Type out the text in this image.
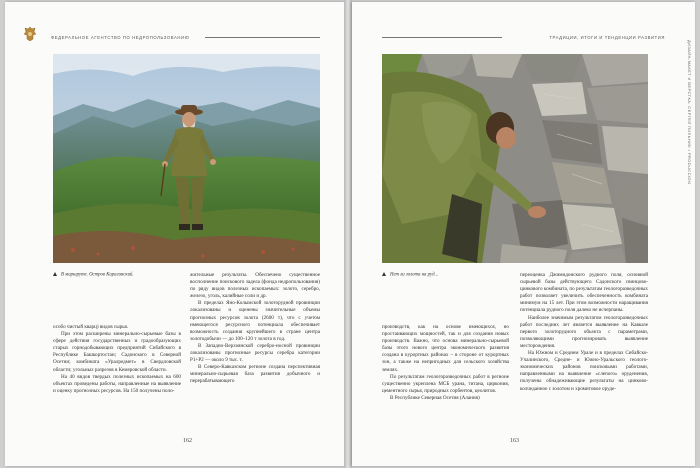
ФЕДЕРАЛЬНОЕ АГЕНТСТВО ПО НЕДРОПОЛЬЗОВАНИЮ
В маршруте. Остров Карагинский.

особо чистый кварц) видов сырья.

При этом расширены минерально-сырьевые базы в сфере действия государственных и градообразующих старых горнодобывающих предприятий Сибайского в Республике Башкортостан; Садонского в Северной Осетии; комбината «Уралредмет» в Свердловской области; угольных разрезов в Кемеровской области.

На 40 видов твердых полезных ископаемых на 600 объектах проведены работы, направленные на выявление и оценку прогнозных ресурсов. На 150 получены поло-

жительные результаты. Обеспечено существенное восполнение поискового задела (фонда недропользования) по ряду видов полезных ископаемых: золото, серебро, железо, уголь, калийные соли и др.

В пределах Яно-Колымской золоторудной провинции локализованы и оценены значительные объемы прогнозных ресурсов золота (2600 т), что с учетом имеющегося ресурсного потенциала обеспечивает возможность создания крупнейшего в стране центра золотодобычи — до 100–120 т золота в год.

В Западно-Верхоянской серебро-носной провинции локализованы прогнозные ресурсы серебра категории Р1+Р2 — около 9 тыс. т.

В Северо-Кавказском регионе создана перспективная минерально-сырьевая база развития добычного и перерабатывающего

162
ТРАДИЦИИ, ИТОГИ И ТЕНДЕНЦИИ РАЗВИТИЯ
ДИЗАЙН-МАКЕТ И ВЕРСТКА: СЕРГЕЙ ПИЛЬНИК • PRODUCCION
Нет ли золота на руд...

производств, как на основе имеющихся, но простаивающих мощностей, так и для создания новых производств. Важно, что основа минерально-сырьевой базы этого нового центра экономического развития создана в курортных районах – в стороне от курортных зон, а также на непригодных для сельского хозяйства землях.

По результатам геологоразведочных работ в регионе существенно укреплена МСБ урана, титана, циркония, цементного сырья, природных сорбентов, цеолитов.

В Республике Северная Осетия (Алания)

переоценка Джимидонского рудного поля, основной сырьевой базы действующего Садонского свинцово-цинкового комбината, по результатам геологоразведочных работ позволяет увеличить обеспеченность комбината минимум на 15 лет. При этом возможности наращивания потенциала рудного поля далеко не исчерпаны.

Наиболее значимым результатом геологоразведочных работ последних лет является выявление на Кавказе первого золоторудного объекта с параметрами, позволяющими прогнозировать выявление месторождения.

На Южном и Среднем Урале и в пределах Сибайско-Учалинского, Средне- и Южно-Уральского геолого-экономических районов поисковыми работами, направленными на выявление «слепого» оруденения, получены обнадеживающие результаты на цинково-колчеданное с золотом и хромитовое оруде-

163
